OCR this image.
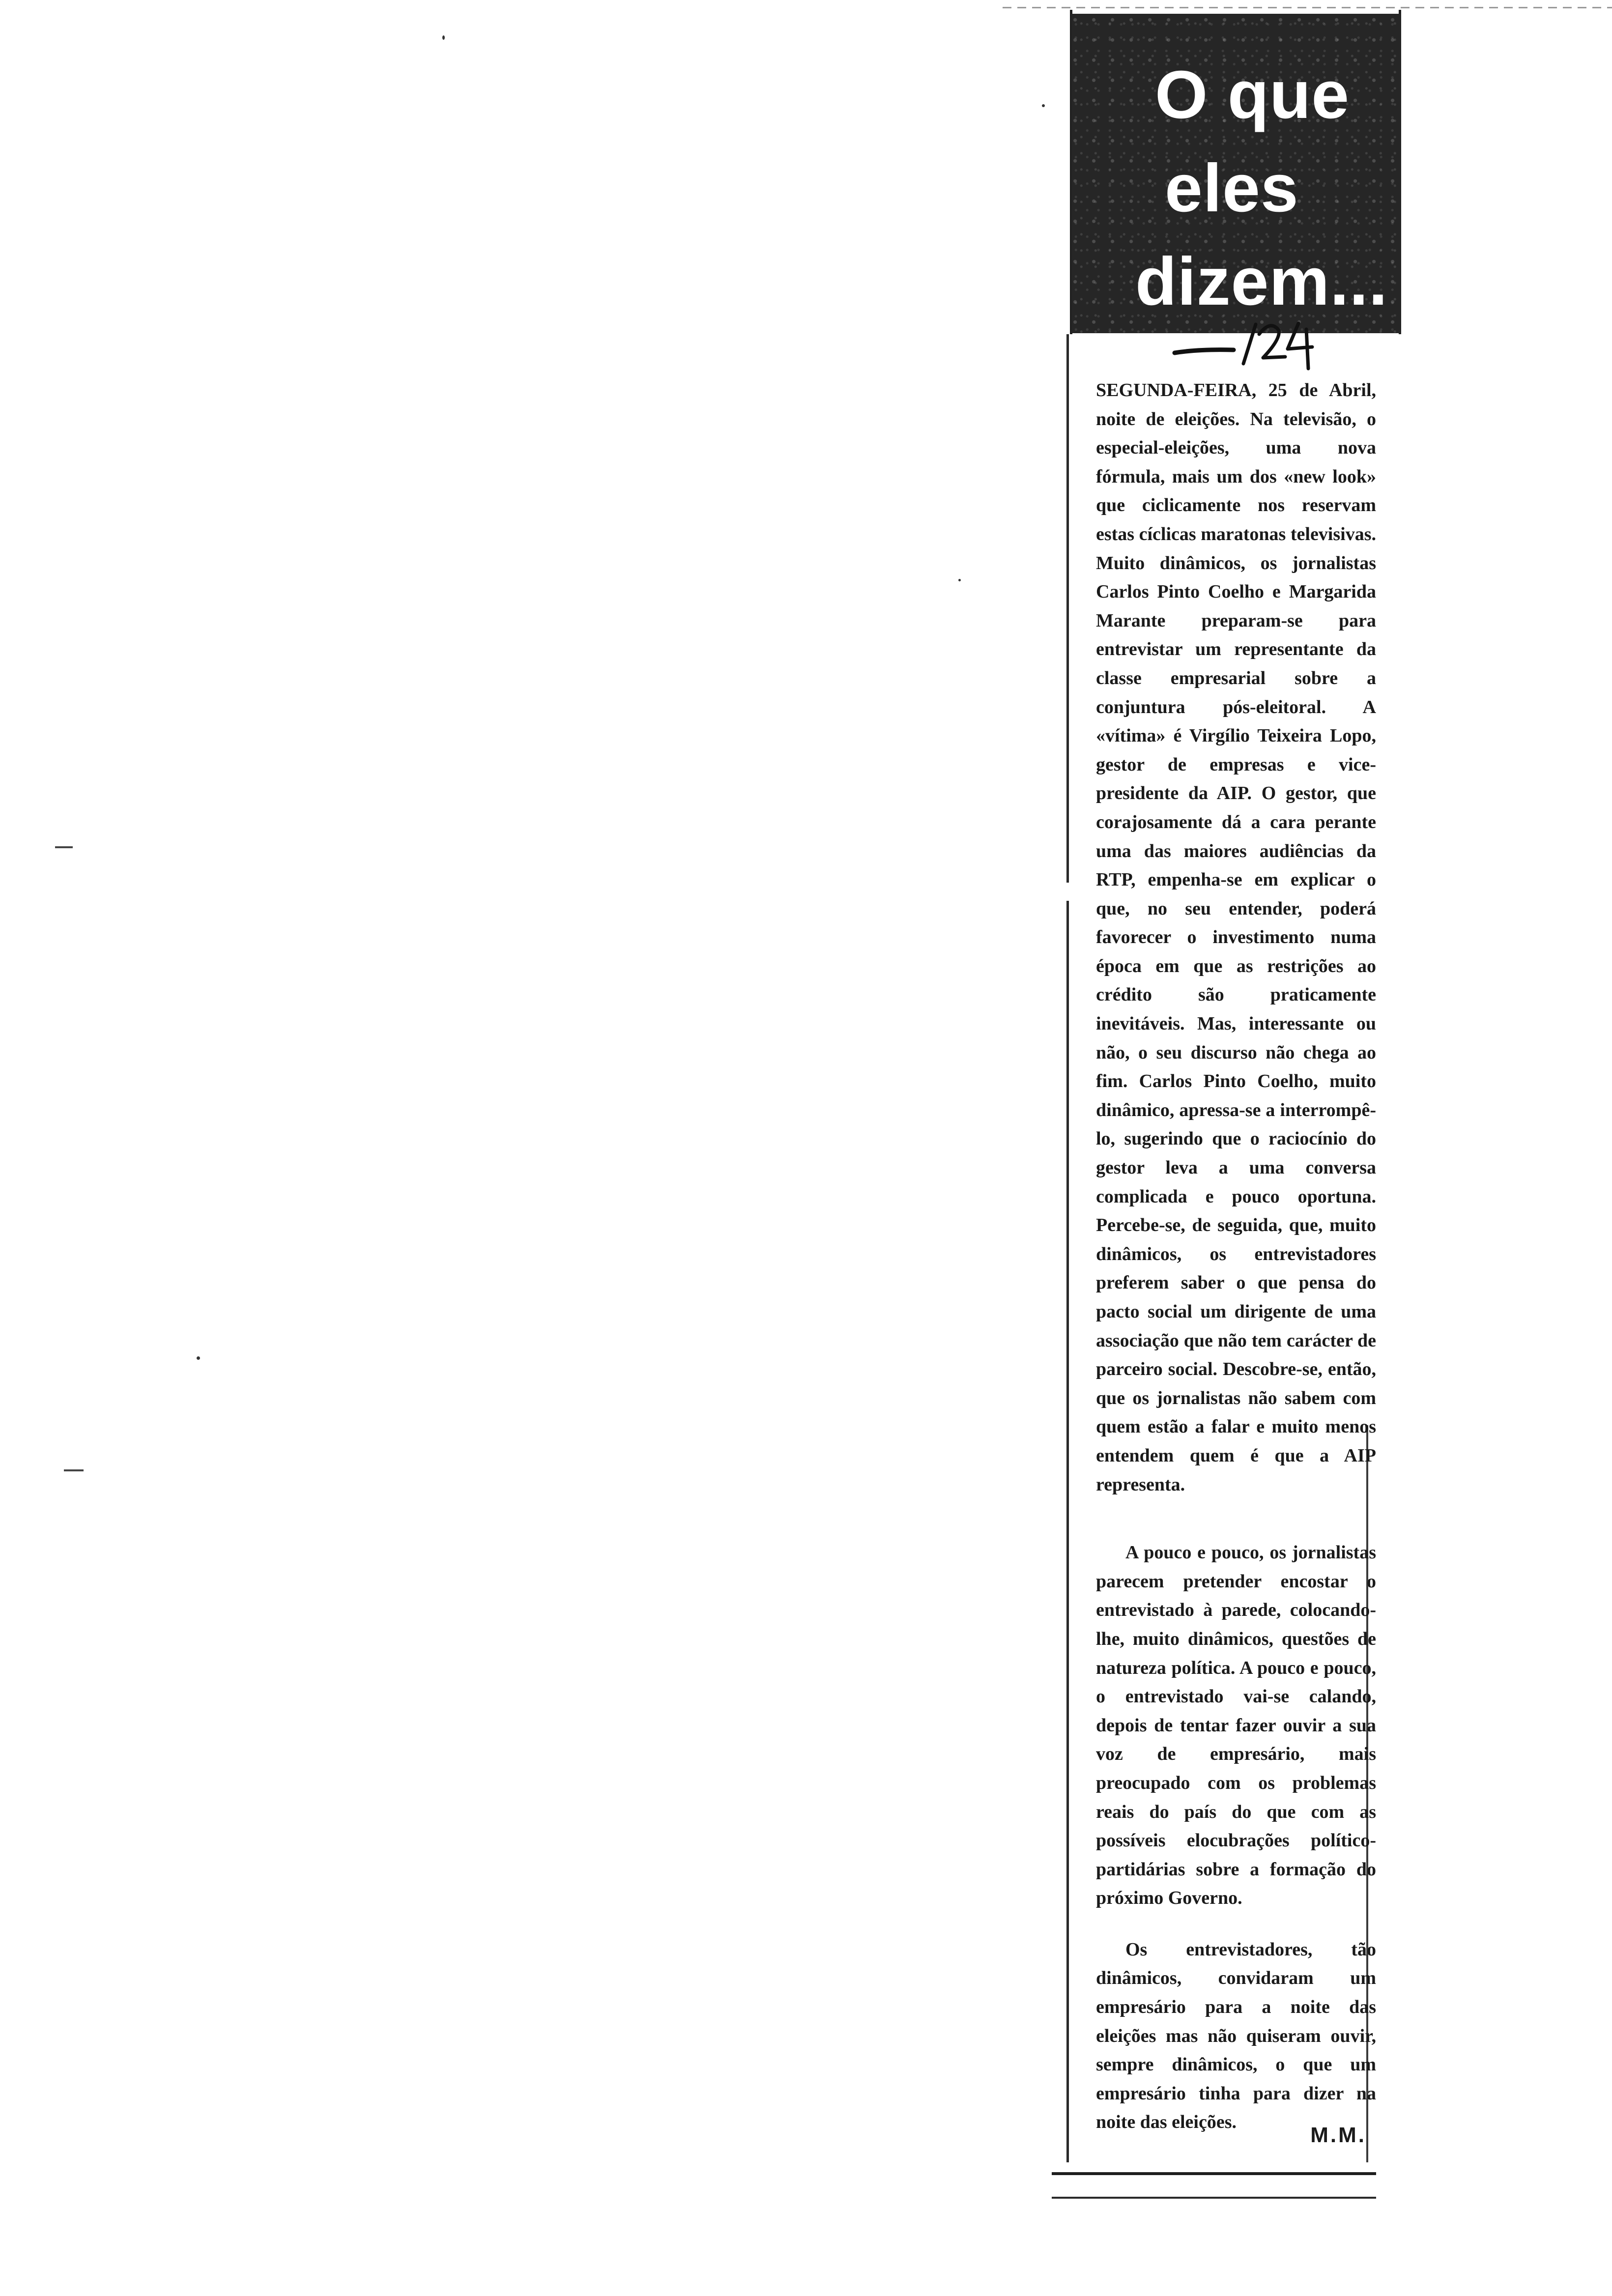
O que
eles
dizem...

SEGUNDA-FEIRA, 25 de Abril, noite de eleições. Na televisão, o especial-eleições, uma nova fórmula, mais um dos «new look» que ciclicamente nos reservam estas cíclicas maratonas televisivas. Muito dinâmicos, os jornalistas Carlos Pinto Coelho e Margarida Marante preparam-se para entrevistar um representante da classe empresarial sobre a conjuntura pós-eleitoral. A «vítima» é Virgílio Teixeira Lopo, gestor de empresas e vice-presidente da AIP. O gestor, que corajosamente dá a cara perante uma das maiores audiências da RTP, empenha-se em explicar o que, no seu entender, poderá favorecer o investimento numa época em que as restrições ao crédito são praticamente inevitáveis. Mas, interessante ou não, o seu discurso não chega ao fim. Carlos Pinto Coelho, muito dinâmico, apressa-se a interrompê-lo, sugerindo que o raciocínio do gestor leva a uma conversa complicada e pouco oportuna. Percebe-se, de seguida, que, muito dinâmicos, os entrevistadores preferem saber o que pensa do pacto social um dirigente de uma associação que não tem carácter de parceiro social. Descobre-se, então, que os jornalistas não sabem com quem estão a falar e muito menos entendem quem é que a AIP representa.

A pouco e pouco, os jornalistas parecem pretender encostar o entrevistado à parede, colocando-lhe, muito dinâmicos, questões de natureza política. A pouco e pouco, o entrevistado vai-se calando, depois de tentar fazer ouvir a sua voz de empresário, mais preocupado com os problemas reais do país do que com as possíveis elocubrações político-partidárias sobre a formação do próximo Governo.

Os entrevistadores, tão dinâmicos, convidaram um empresário para a noite das eleições mas não quiseram ouvir, sempre dinâmicos, o que um empresário tinha para dizer na noite das eleições.

M.M.
